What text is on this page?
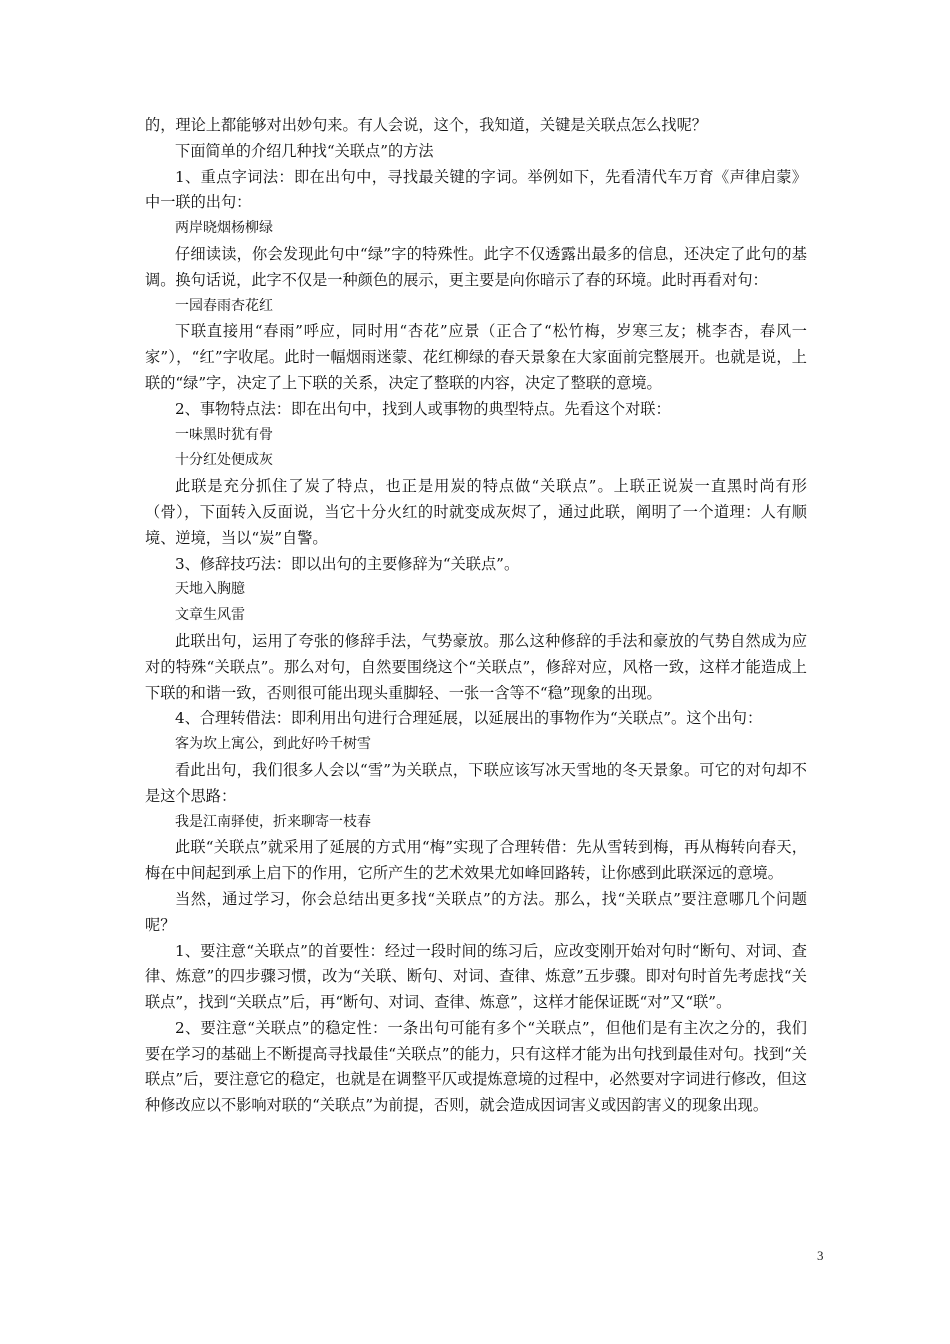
的，理论上都能够对出妙句来。有人会说，这个，我知道，关键是关联点怎么找呢？

下面简单的介绍几种找“关联点”的方法

1、重点字词法：即在出句中，寻找最关键的字词。举例如下，先看清代车万育《声律启蒙》中一联的出句：

两岸晓烟杨柳绿

仔细读读，你会发现此句中“绿”字的特殊性。此字不仅透露出最多的信息，还决定了此句的基调。换句话说，此字不仅是一种颜色的展示，更主要是向你暗示了春的环境。此时再看对句：

一园春雨杏花红

下联直接用“春雨”呼应，同时用“杏花”应景（正合了“松竹梅，岁寒三友；桃李杏，春风一家”），“红”字收尾。此时一幅烟雨迷蒙、花红柳绿的春天景象在大家面前完整展开。也就是说，上联的“绿”字，决定了上下联的关系，决定了整联的内容，决定了整联的意境。

2、事物特点法：即在出句中，找到人或事物的典型特点。先看这个对联：

一味黑时犹有骨

十分红处便成灰

此联是充分抓住了炭了特点，也正是用炭的特点做“关联点”。上联正说炭一直黑时尚有形（骨），下面转入反面说，当它十分火红的时就变成灰烬了，通过此联，阐明了一个道理：人有顺境、逆境，当以“炭”自警。

3、修辞技巧法：即以出句的主要修辞为“关联点”。

天地入胸臆

文章生风雷

此联出句，运用了夸张的修辞手法，气势豪放。那么这种修辞的手法和豪放的气势自然成为应对的特殊“关联点”。那么对句，自然要围绕这个“关联点”，修辞对应，风格一致，这样才能造成上下联的和谐一致，否则很可能出现头重脚轻、一张一含等不“稳”现象的出现。

4、合理转借法：即利用出句进行合理延展，以延展出的事物作为“关联点”。这个出句：

客为坎上寓公，到此好吟千树雪

看此出句，我们很多人会以“雪”为关联点，下联应该写冰天雪地的冬天景象。可它的对句却不是这个思路：

我是江南驿使，折来聊寄一枝春

此联“关联点”就采用了延展的方式用“梅”实现了合理转借：先从雪转到梅，再从梅转向春天，梅在中间起到承上启下的作用，它所产生的艺术效果尤如峰回路转，让你感到此联深远的意境。

当然，通过学习，你会总结出更多找“关联点”的方法。那么，找“关联点”要注意哪几个问题呢？

1、要注意“关联点”的首要性：经过一段时间的练习后，应改变刚开始对句时“断句、对词、查律、炼意”的四步骤习惯，改为“关联、断句、对词、查律、炼意”五步骤。即对句时首先考虑找“关联点”，找到“关联点”后，再“断句、对词、查律、炼意”，这样才能保证既“对”又“联”。

2、要注意“关联点”的稳定性：一条出句可能有多个“关联点”，但他们是有主次之分的，我们要在学习的基础上不断提高寻找最佳“关联点”的能力，只有这样才能为出句找到最佳对句。找到“关联点”后，要注意它的稳定，也就是在调整平仄或提炼意境的过程中，必然要对字词进行修改，但这种修改应以不影响对联的“关联点”为前提，否则，就会造成因词害义或因韵害义的现象出现。

3
